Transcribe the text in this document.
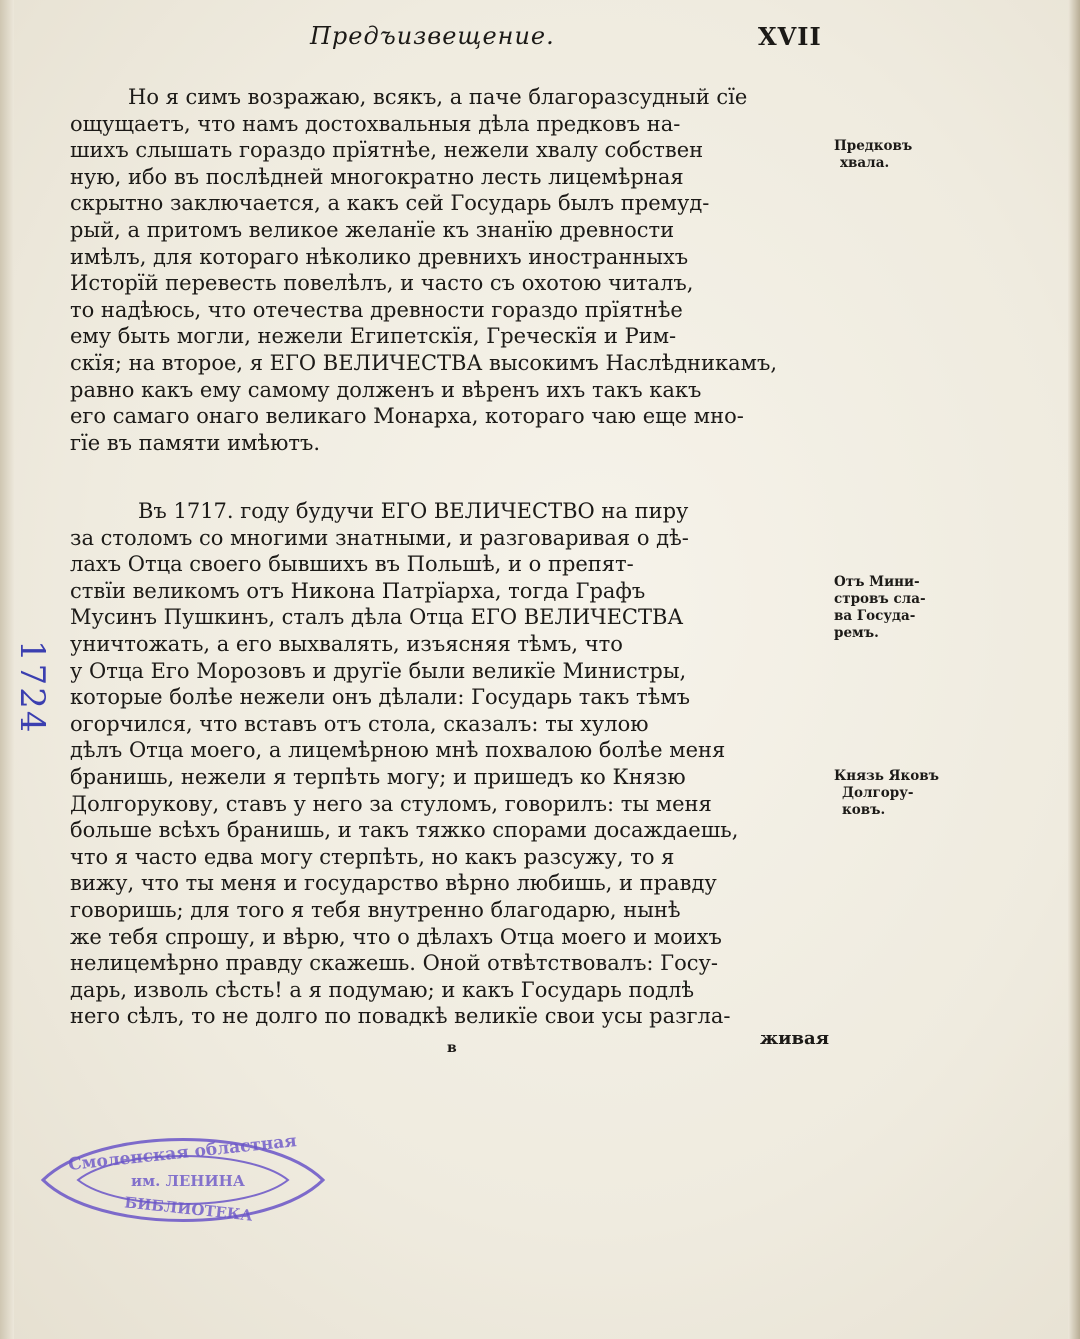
Предъизвещение.	XVII
Но я симъ возражаю, всякъ, а паче благоразсудный сïе
ощущаетъ, что намъ достохвальныя дѣла предковъ на-
шихъ слышать гораздо прïятнѣе, нежели хвалу собствен
ную, ибо въ послѣдней многократно лесть лицемѣрная
скрытно заключается, а какъ сей Государь былъ премуд-
рый, а притомъ великое желанïе къ знанïю древности
имѣлъ, для котораго нѣколико древнихъ иностранныхъ
Исторïй перевесть повелѣлъ, и часто съ охотою читалъ,
то надѣюсь, что отечества древности гораздо прïятнѣе
ему быть могли, нежели Египетскïя, Греческïя и Рим-
скïя; на второе, я ЕГО ВЕЛИЧЕСТВА высокимъ Наслѣдникамъ,
равно какъ ему самому долженъ и вѣренъ ихъ такъ какъ
его самаго онаго великаго Монарха, котораго чаю еще мно-
гïе въ памяти имѣютъ.
Въ 1717. году будучи ЕГО ВЕЛИЧЕСТВО на пиру
за столомъ со многими знатными, и разговаривая о дѣ-
лахъ Отца своего бывшихъ въ Польшѣ, и о препят-
ствïи великомъ отъ Никона Патрïарха, тогда Графъ
Мусинъ Пушкинъ, сталъ дѣла Отца ЕГО ВЕЛИЧЕСТВА
уничтожать, а его выхвалять, изъясняя тѣмъ, что
у Отца Его Морозовъ и другïе были великïе Министры,
которые болѣе нежели онъ дѣлали: Государь такъ тѣмъ
огорчился, что вставъ отъ стола, сказалъ: ты хулою
дѣлъ Отца моего, а лицемѣрною мнѣ похвалою болѣе меня
бранишь, нежели я терпѣть могу; и пришедъ ко Князю
Долгорукову, ставъ у него за стуломъ, говорилъ: ты меня
больше всѣхъ бранишь, и такъ тяжко спорами досаждаешь,
что я часто едва могу стерпѣть, но какъ разсужу, то я
вижу, что ты меня и государство вѣрно любишь, и правду
говоришь; для того я тебя внутренно благодарю, нынѣ
же тебя спрошу, и вѣрю, что о дѣлахъ Отца моего и моихъ
нелицемѣрно правду скажешь. Оной отвѣтствовалъ: Госу-
дарь, изволь сѣсть! а я подумаю; и какъ Государь подлѣ
него сѣлъ, то не долго по повадкѣ великïе свои усы разгла-
Предковъ
хвала.
Отъ Мини-
стровъ сла-
ва Госуда-
ремъ.
Князь Яковъ
Долгору-
ковъ.
в	живая
1724
Смоленская областная
им. ЛЕНИНА
БИБЛИОТЕКА
